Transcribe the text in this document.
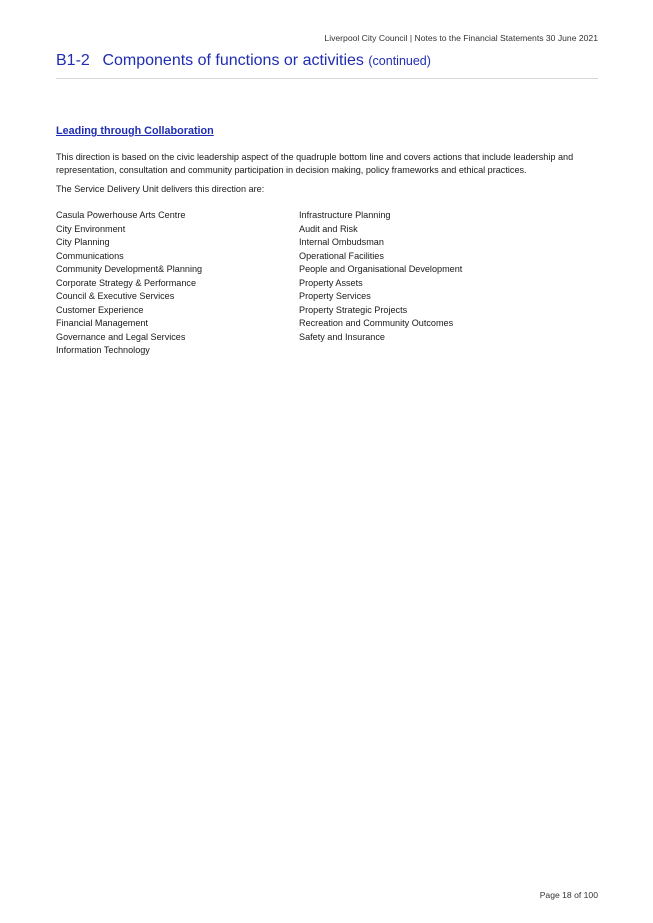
Liverpool City Council | Notes to the Financial Statements 30 June 2021
B1-2 Components of functions or activities (continued)
Leading through Collaboration
This direction is based on the civic leadership aspect of the quadruple bottom line and covers actions that include leadership and representation, consultation and community participation in decision making, policy frameworks and ethical practices.
The Service Delivery Unit delivers this direction are:
Casula Powerhouse Arts Centre
City Environment
City Planning
Communications
Community Development& Planning
Corporate Strategy & Performance
Council & Executive Services
Customer Experience
Financial Management
Governance and Legal Services
Information Technology
Infrastructure Planning
Audit and Risk
Internal Ombudsman
Operational Facilities
People and Organisational Development
Property Assets
Property Services
Property Strategic Projects
Recreation and Community Outcomes
Safety and Insurance
Page 18 of 100
